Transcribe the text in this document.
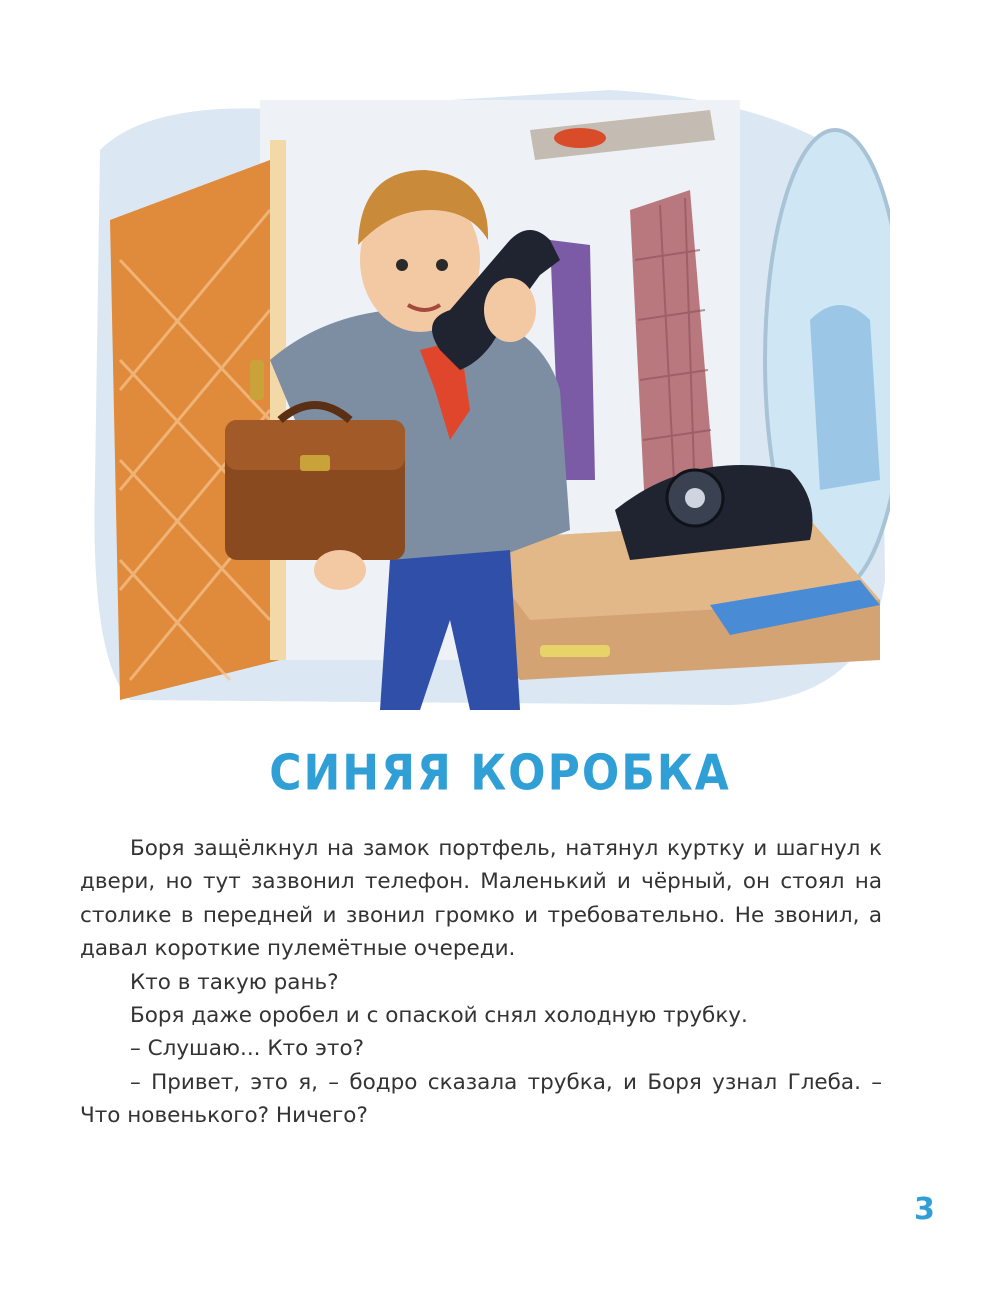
СИНЯЯ КОРОБКА

Боря защёлкнул на замок портфель, натянул куртку и шагнул к двери, но тут зазвонил телефон. Маленький и чёрный, он стоял на столике в передней и звонил громко и требовательно. Не звонил, а давал короткие пулемётные очереди.

Кто в такую рань?

Боря даже оробел и с опаской снял холодную трубку.

– Слушаю... Кто это?

– Привет, это я, – бодро сказала трубка, и Боря узнал Глеба. – Что новенького? Ничего?

3
